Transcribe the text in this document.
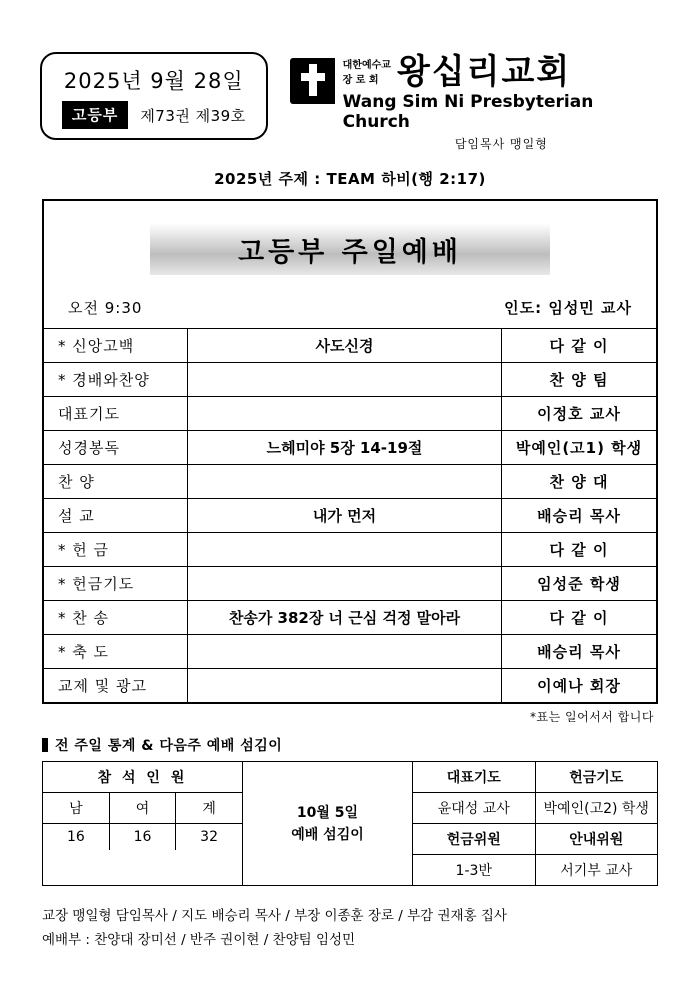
2025년 9월 28일
고등부	제73권 제39호
대한예수교
장 로 회 왕십리교회
Wang Sim Ni Presbyterian Church
담임목사 맹일형
2025년 주제 : TEAM 하비(행 2:17)
고등부 주일예배
오전 9:30	인도: 임성민 교사
* 신앙고백	사도신경	다 같 이
* 경배와찬양		찬 양 팀
대표기도		이정호 교사
성경봉독	느헤미야 5장 14-19절	박예인(고1) 학생
찬 양		찬 양 대
설 교	내가 먼저	배승리 목사
* 헌 금		다 같 이
* 헌금기도		임성준 학생
* 찬 송	찬송가 382장 너 근심 걱정 말아라	다 같 이
* 축 도		배승리 목사
교제 및 광고		이예나 회장
*표는 일어서서 합니다
전 주일 통계 & 다음주 예배 섬김이
참 석 인 원
남	여	계
16	16	32
10월 5일
예배 섬김이
대표기도	헌금기도
윤대성 교사	박예인(고2) 학생
헌금위원	안내위원
1-3반	서기부 교사
교장 맹일형 담임목사 / 지도 배승리 목사 / 부장 이종훈 장로 / 부감 권재홍 집사
예배부 : 찬양대 장미선 / 반주 권이현 / 찬양팀 임성민
